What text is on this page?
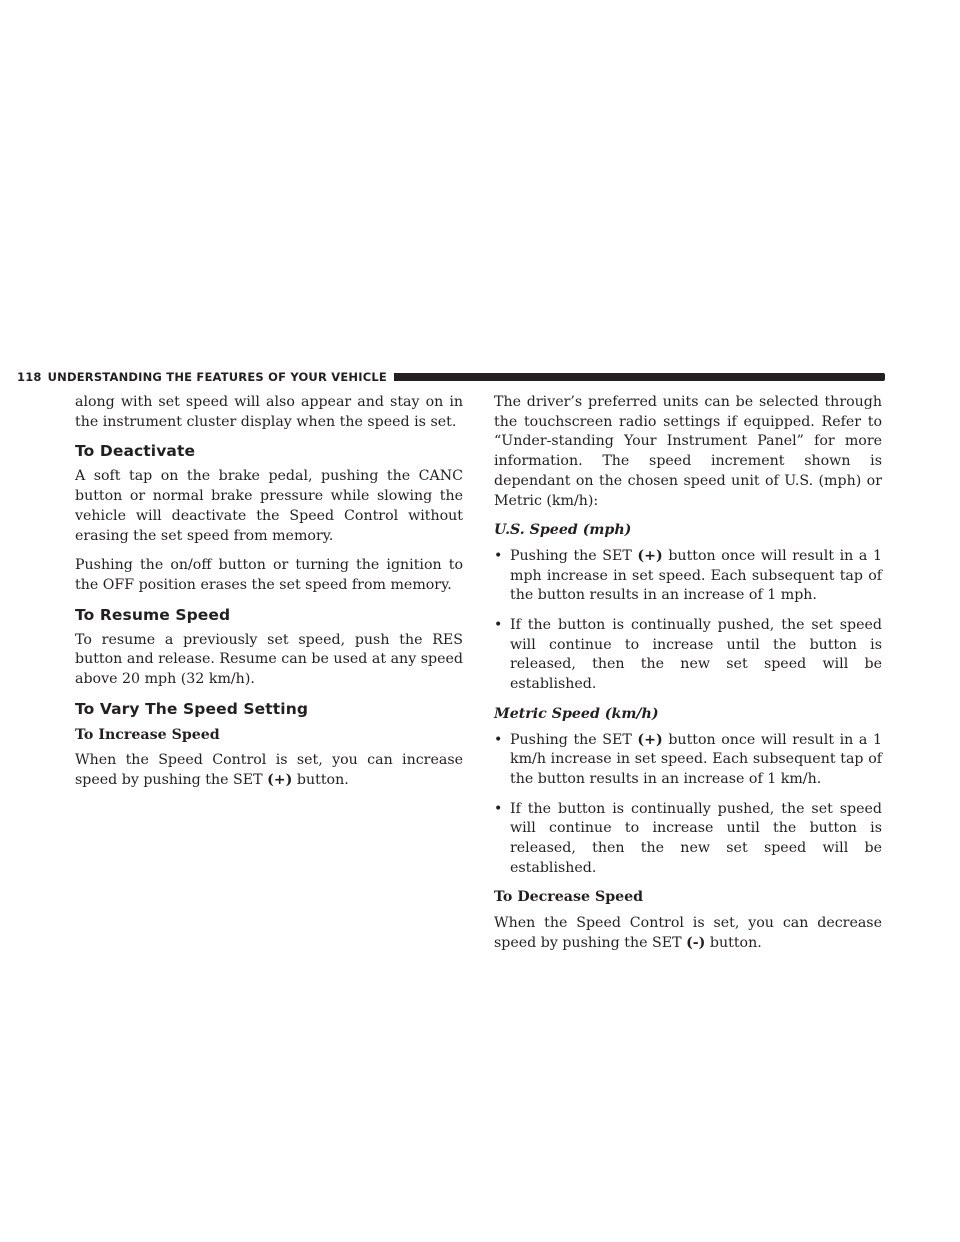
118 UNDERSTANDING THE FEATURES OF YOUR VEHICLE

along with set speed will also appear and stay on in the instrument cluster display when the speed is set.

To Deactivate

A soft tap on the brake pedal, pushing the CANC button or normal brake pressure while slowing the vehicle will deactivate the Speed Control without erasing the set speed from memory.

Pushing the on/off button or turning the ignition to the OFF position erases the set speed from memory.

To Resume Speed

To resume a previously set speed, push the RES button and release. Resume can be used at any speed above 20 mph (32 km/h).

To Vary The Speed Setting
To Increase Speed

When the Speed Control is set, you can increase speed by pushing the SET (+) button.

The driver’s preferred units can be selected through the touchscreen radio settings if equipped. Refer to “Under-standing Your Instrument Panel” for more information. The speed increment shown is dependant on the chosen speed unit of U.S. (mph) or Metric (km/h):

U.S. Speed (mph)
• Pushing the SET (+) button once will result in a 1 mph increase in set speed. Each subsequent tap of the button results in an increase of 1 mph.
• If the button is continually pushed, the set speed will continue to increase until the button is released, then the new set speed will be established.
Metric Speed (km/h)
• Pushing the SET (+) button once will result in a 1 km/h increase in set speed. Each subsequent tap of the button results in an increase of 1 km/h.
• If the button is continually pushed, the set speed will continue to increase until the button is released, then the new set speed will be established.
To Decrease Speed

When the Speed Control is set, you can decrease speed by pushing the SET (-) button.
